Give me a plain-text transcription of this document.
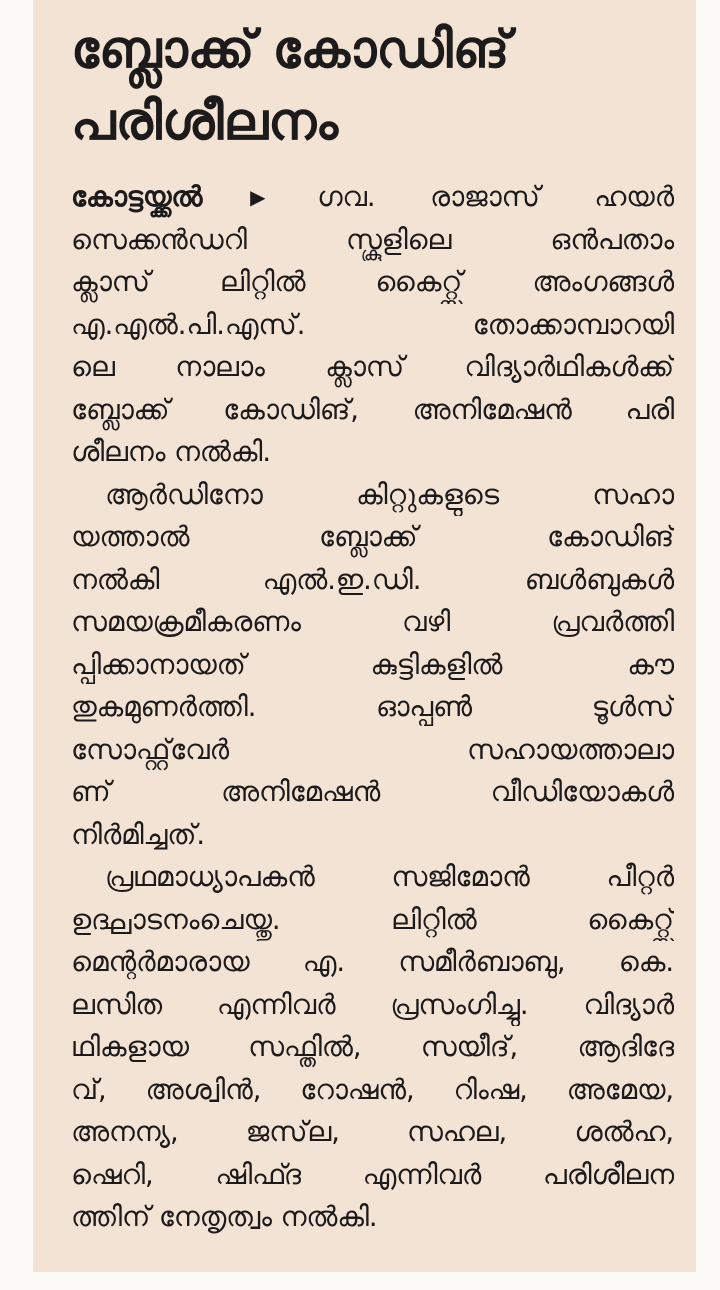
ബ്ലോക്ക് കോഡിങ്
പരിശീലനം
കോട്ടയ്ക്കൽ ▶ ഗവ. രാജാസ് ഹയർ
സെക്കൻഡറി സ്കൂളിലെ ഒൻപതാം
ക്ലാസ് ലിറ്റിൽ കൈറ്റ്സ് അംഗങ്ങൾ
എ.എൽ.പി.എസ്. തോക്കാമ്പാറയി
ലെ നാലാം ക്ലാസ് വിദ്യാർഥികൾക്ക്
ബ്ലോക്ക് കോഡിങ്, അനിമേഷൻ പരി
ശീലനം നൽകി.
ആർഡിനോ കിറ്റുകളുടെ സഹാ
യത്താൽ ബ്ലോക്ക് കോഡിങ്
നൽകി എൽ.ഇ.ഡി. ബൾബുകൾ
സമയക്രമീകരണം വഴി പ്രവർത്തി
പ്പിക്കാനായത് കുട്ടികളിൽ കൗ
തുകമുണർത്തി. ഓപ്പൺ ടൂൾസ്
സോഫ്റ്റ്‌വേർ സഹായത്താലാ
ണ് അനിമേഷൻ വീഡിയോകൾ
നിർമിച്ചത്.
പ്രഥമാധ്യാപകൻ സജിമോൻ പീറ്റർ
ഉദ്ഘാടനംചെയ്തു. ലിറ്റിൽ കൈറ്റ്സ്
മെന്റർമാരായ എ. സമീർബാബു, കെ.
ലസിത എന്നിവർ പ്രസംഗിച്ചു. വിദ്യാർ
ഥികളായ സഫ്തിൽ, സയീദ്, ആദിദേ
വ്, അശ്വിൻ, റോഷൻ, റിംഷ, അമേയ,
അനന്യ, ജസ്‌ല, സഹല, ശൽഹ,
ഷെറി, ഷിഫ്ദ എന്നിവർ പരിശീലന
ത്തിന് നേതൃത്വം നൽകി.
